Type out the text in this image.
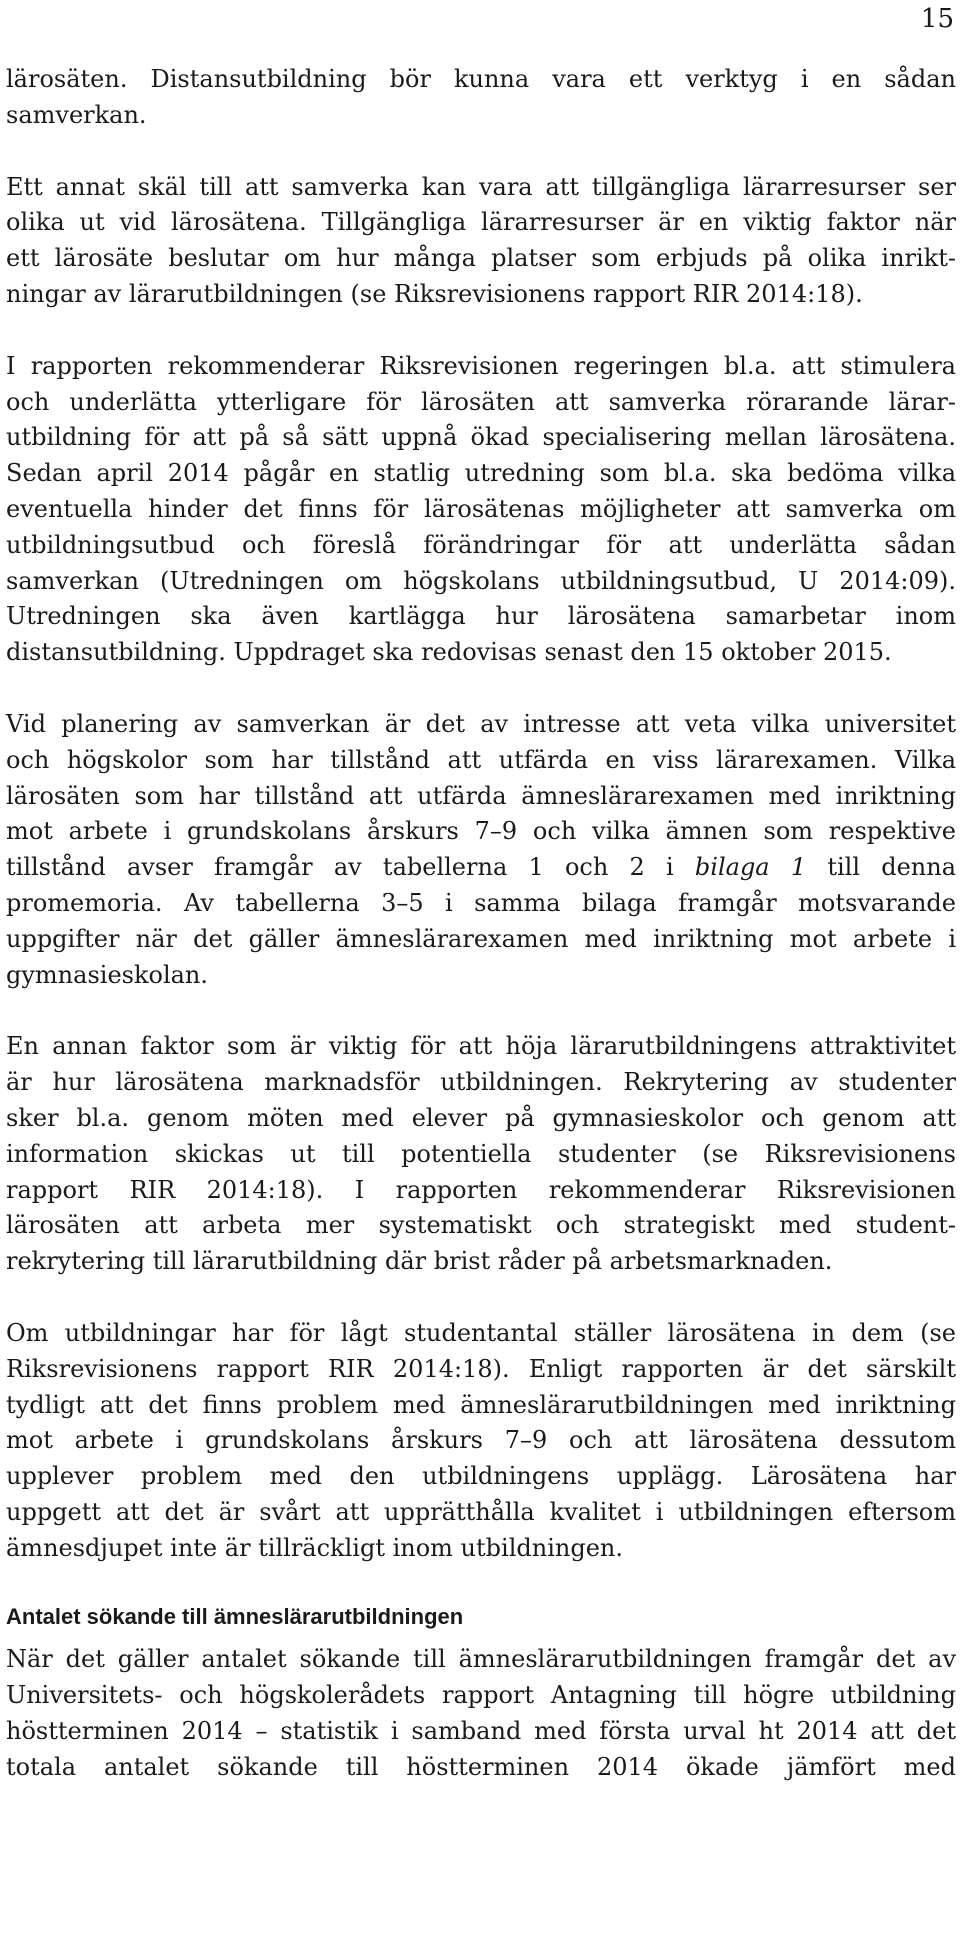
15

lärosäten. Distansutbildning bör kunna vara ett verktyg i en sådan
samverkan.

Ett annat skäl till att samverka kan vara att tillgängliga lärarresurser ser
olika ut vid lärosätena. Tillgängliga lärarresurser är en viktig faktor när
ett lärosäte beslutar om hur många platser som erbjuds på olika inrikt-
ningar av lärarutbildningen (se Riksrevisionens rapport RIR 2014:18).

I rapporten rekommenderar Riksrevisionen regeringen bl.a. att stimulera
och underlätta ytterligare för lärosäten att samverka rörarande lärar-
utbildning för att på så sätt uppnå ökad specialisering mellan lärosätena.
Sedan april 2014 pågår en statlig utredning som bl.a. ska bedöma vilka
eventuella hinder det finns för lärosätenas möjligheter att samverka om
utbildningsutbud och föreslå förändringar för att underlätta sådan
samverkan (Utredningen om högskolans utbildningsutbud, U 2014:09).
Utredningen ska även kartlägga hur lärosätena samarbetar inom
distansutbildning. Uppdraget ska redovisas senast den 15 oktober 2015.

Vid planering av samverkan är det av intresse att veta vilka universitet
och högskolor som har tillstånd att utfärda en viss lärarexamen. Vilka
lärosäten som har tillstånd att utfärda ämneslärarexamen med inriktning
mot arbete i grundskolans årskurs 7–9 och vilka ämnen som respektive
tillstånd avser framgår av tabellerna 1 och 2 i bilaga 1 till denna
promemoria. Av tabellerna 3–5 i samma bilaga framgår motsvarande
uppgifter när det gäller ämneslärarexamen med inriktning mot arbete i
gymnasieskolan.

En annan faktor som är viktig för att höja lärarutbildningens attraktivitet
är hur lärosätena marknadsför utbildningen. Rekrytering av studenter
sker bl.a. genom möten med elever på gymnasieskolor och genom att
information skickas ut till potentiella studenter (se Riksrevisionens
rapport RIR 2014:18). I rapporten rekommenderar Riksrevisionen
lärosäten att arbeta mer systematiskt och strategiskt med student-
rekrytering till lärarutbildning där brist råder på arbetsmarknaden.

Om utbildningar har för lågt studentantal ställer lärosätena in dem (se
Riksrevisionens rapport RIR 2014:18). Enligt rapporten är det särskilt
tydligt att det finns problem med ämneslärarutbildningen med inriktning
mot arbete i grundskolans årskurs 7–9 och att lärosätena dessutom
upplever problem med den utbildningens upplägg. Lärosätena har
uppgett att det är svårt att upprätthålla kvalitet i utbildningen eftersom
ämnesdjupet inte är tillräckligt inom utbildningen.

Antalet sökande till ämneslärarutbildningen

När det gäller antalet sökande till ämneslärarutbildningen framgår det av
Universitets- och högskolerådets rapport Antagning till högre utbildning
höstterminen 2014 – statistik i samband med första urval ht 2014 att det
totala antalet sökande till höstterminen 2014 ökade jämfört med
